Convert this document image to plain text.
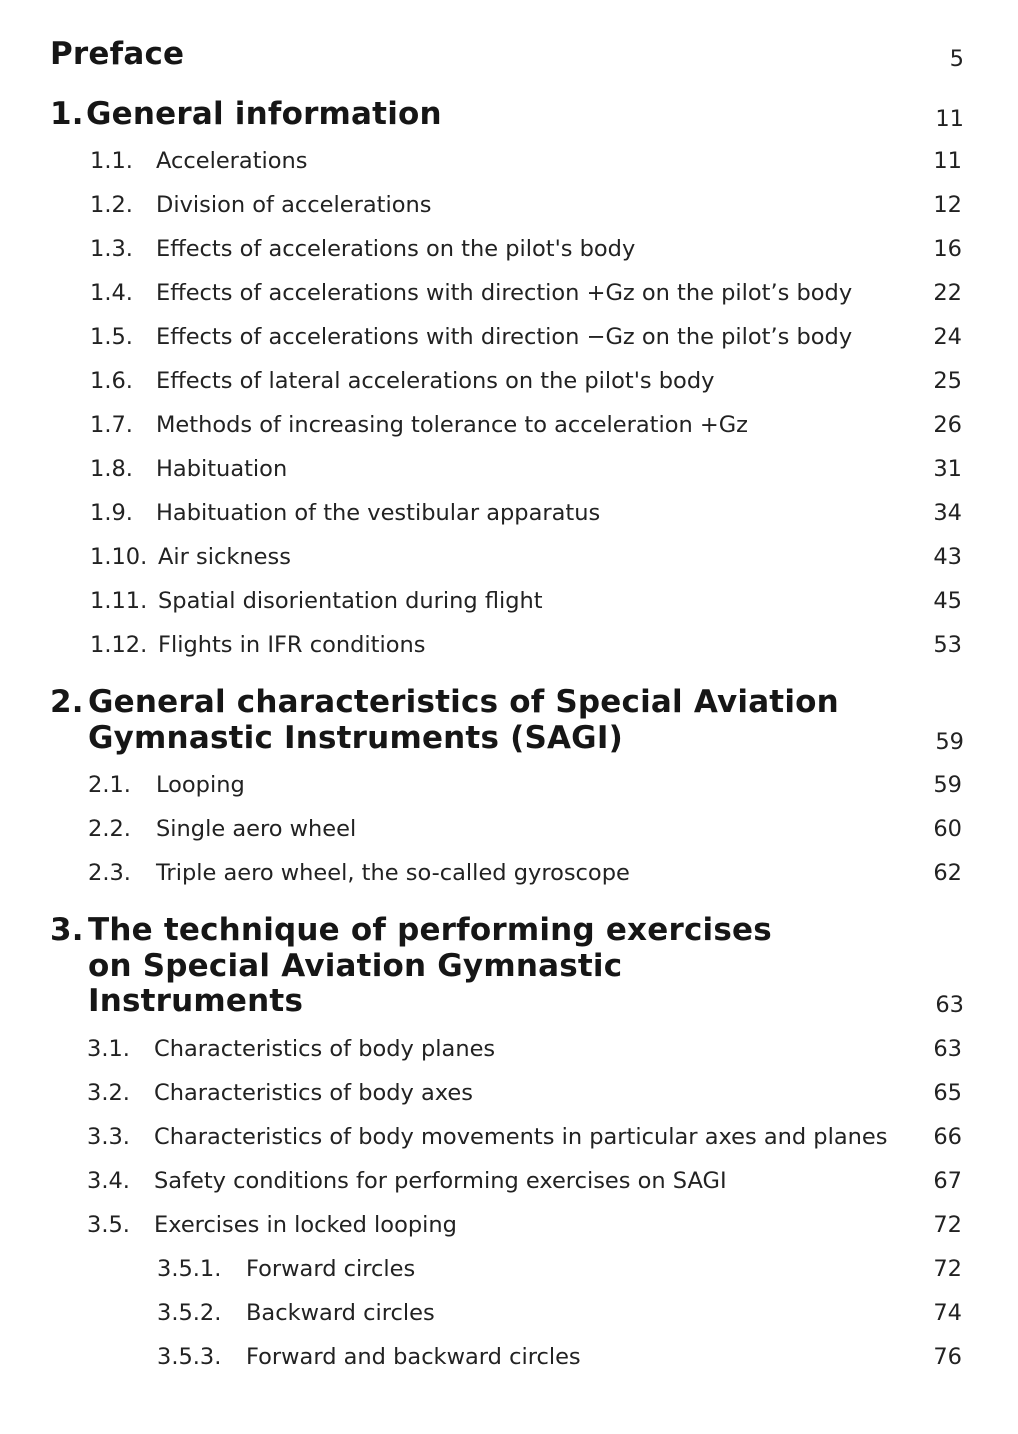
Preface	5
1. General information	11
1.1. Accelerations	11
1.2. Division of accelerations	12
1.3. Effects of accelerations on the pilot's body	16
1.4. Effects of accelerations with direction +Gz on the pilot’s body	22
1.5. Effects of accelerations with direction −Gz on the pilot’s body	24
1.6. Effects of lateral accelerations on the pilot's body	25
1.7. Methods of increasing tolerance to acceleration +Gz	26
1.8. Habituation	31
1.9. Habituation of the vestibular apparatus	34
1.10. Air sickness	43
1.11. Spatial disorientation during flight	45
1.12. Flights in IFR conditions	53
2. General characteristics of Special Aviation
Gymnastic Instruments (SAGI)	59
2.1. Looping	59
2.2. Single aero wheel	60
2.3. Triple aero wheel, the so-called gyroscope	62
3. The technique of performing exercises
on Special Aviation Gymnastic
Instruments	63
3.1. Characteristics of body planes	63
3.2. Characteristics of body axes	65
3.3. Characteristics of body movements in particular axes and planes	66
3.4. Safety conditions for performing exercises on SAGI	67
3.5. Exercises in locked looping	72
3.5.1. Forward circles	72
3.5.2. Backward circles	74
3.5.3. Forward and backward circles	76
